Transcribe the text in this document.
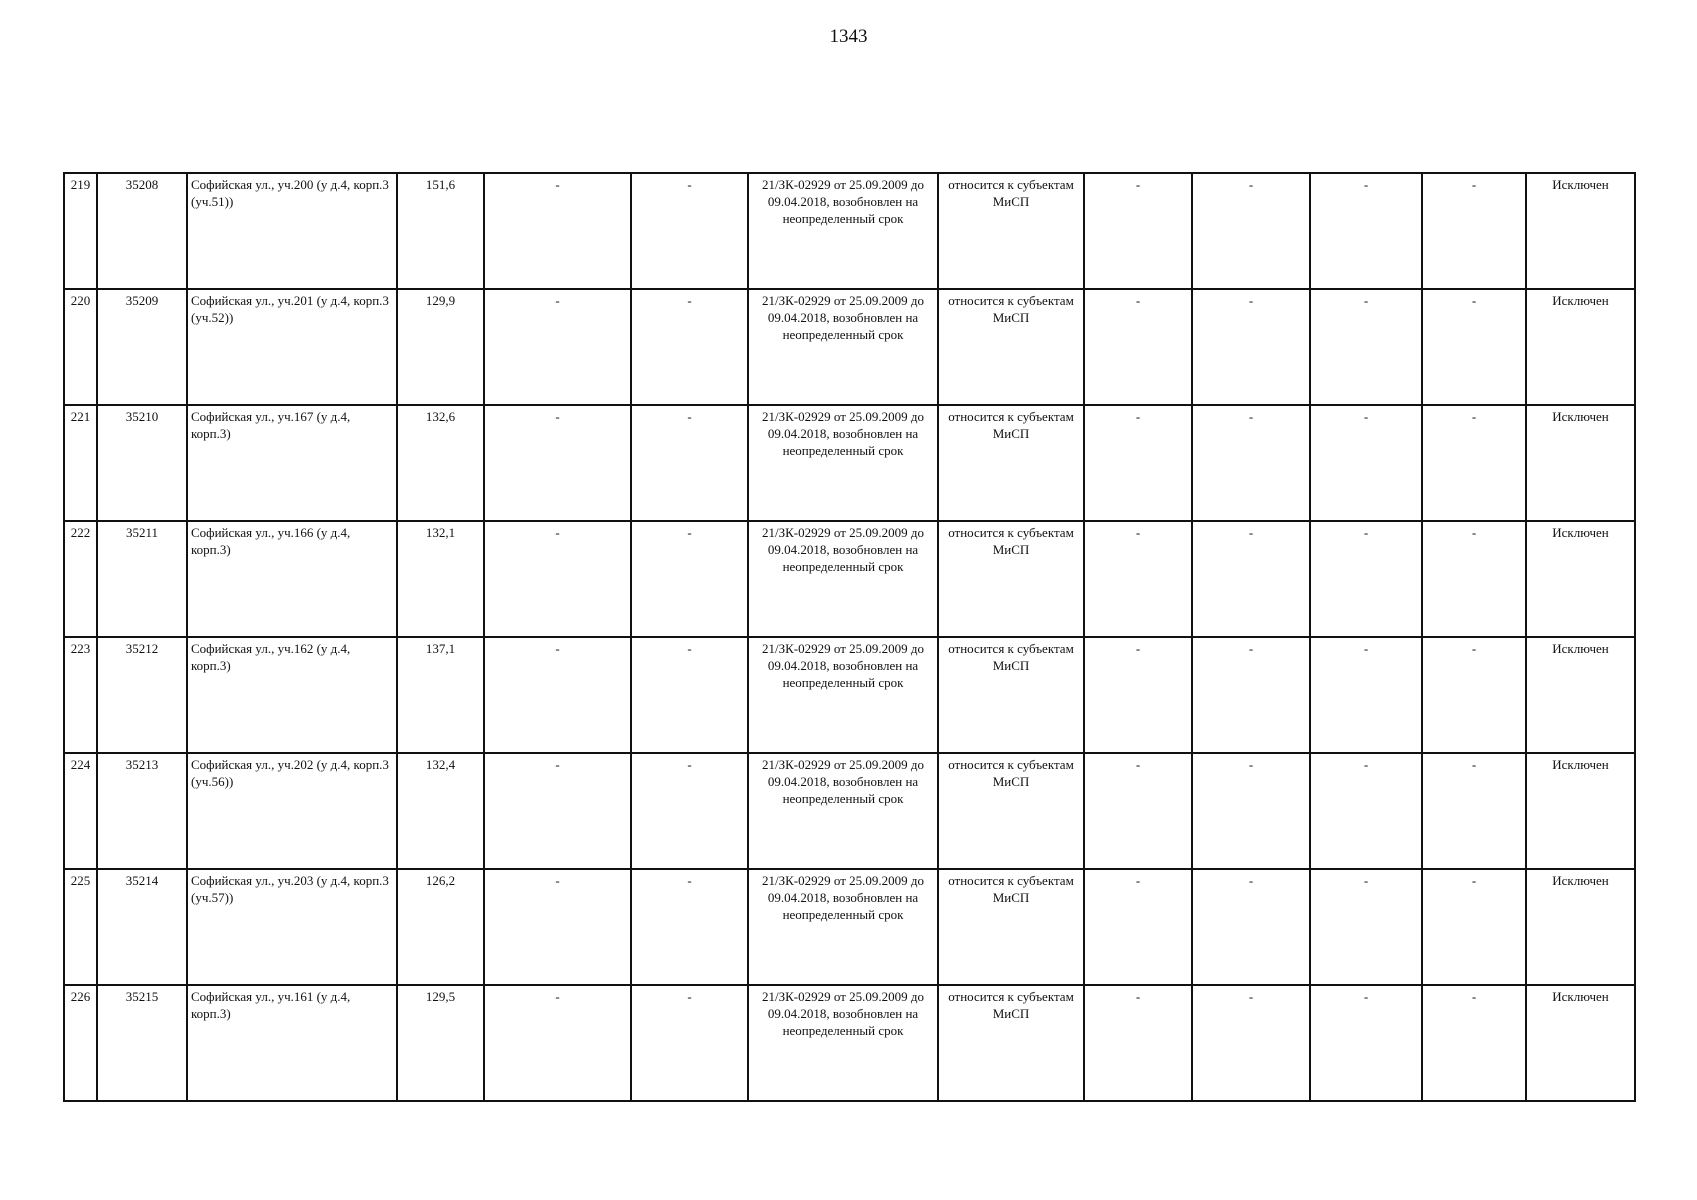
1343
219	35208	Софийская ул., уч.200 (у д.4, корп.3 (уч.51))	151,6	-	-	21/ЗК-02929 от 25.09.2009 до 09.04.2018, возобновлен на неопределенный срок	относится к субъектам МиСП	-	-	-	-	Исключен
220	35209	Софийская ул., уч.201 (у д.4, корп.3 (уч.52))	129,9	-	-	21/ЗК-02929 от 25.09.2009 до 09.04.2018, возобновлен на неопределенный срок	относится к субъектам МиСП	-	-	-	-	Исключен
221	35210	Софийская ул., уч.167 (у д.4, корп.3)	132,6	-	-	21/ЗК-02929 от 25.09.2009 до 09.04.2018, возобновлен на неопределенный срок	относится к субъектам МиСП	-	-	-	-	Исключен
222	35211	Софийская ул., уч.166 (у д.4, корп.3)	132,1	-	-	21/ЗК-02929 от 25.09.2009 до 09.04.2018, возобновлен на неопределенный срок	относится к субъектам МиСП	-	-	-	-	Исключен
223	35212	Софийская ул., уч.162 (у д.4, корп.3)	137,1	-	-	21/ЗК-02929 от 25.09.2009 до 09.04.2018, возобновлен на неопределенный срок	относится к субъектам МиСП	-	-	-	-	Исключен
224	35213	Софийская ул., уч.202 (у д.4, корп.3 (уч.56))	132,4	-	-	21/ЗК-02929 от 25.09.2009 до 09.04.2018, возобновлен на неопределенный срок	относится к субъектам МиСП	-	-	-	-	Исключен
225	35214	Софийская ул., уч.203 (у д.4, корп.3 (уч.57))	126,2	-	-	21/ЗК-02929 от 25.09.2009 до 09.04.2018, возобновлен на неопределенный срок	относится к субъектам МиСП	-	-	-	-	Исключен
226	35215	Софийская ул., уч.161 (у д.4, корп.3)	129,5	-	-	21/ЗК-02929 от 25.09.2009 до 09.04.2018, возобновлен на неопределенный срок	относится к субъектам МиСП	-	-	-	-	Исключен
